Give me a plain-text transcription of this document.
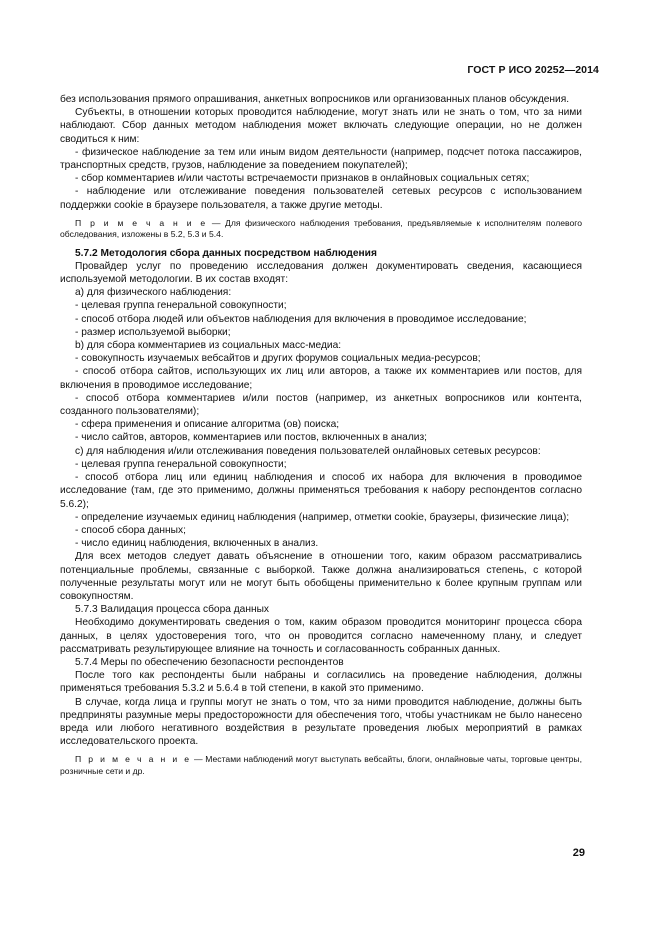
ГОСТ Р ИСО 20252—2014

без использования прямого опрашивания, анкетных вопросников или организованных планов обсуждения.

Субъекты, в отношении которых проводится наблюдение, могут знать или не знать о том, что за ними наблюдают. Сбор данных методом наблюдения может включать следующие операции, но не должен сводиться к ним:

- физическое наблюдение за тем или иным видом деятельности (например, подсчет потока пассажиров, транспортных средств, грузов, наблюдение за поведением покупателей);

- сбор комментариев и/или частоты встречаемости признаков в онлайновых социальных сетях;

- наблюдение или отслеживание поведения пользователей сетевых ресурсов с использованием поддержки cookie в браузере пользователя, а также другие методы.

П р и м е ч а н и е — Для физического наблюдения требования, предъявляемые к исполнителям полевого обследования, изложены в 5.2, 5.3 и 5.4.

5.7.2 Методология сбора данных посредством наблюдения

Провайдер услуг по проведению исследования должен документировать сведения, касающиеся используемой методологии. В их состав входят:

a) для физического наблюдения:

- целевая группа генеральной совокупности;

- способ отбора людей или объектов наблюдения для включения в проводимое исследование;

- размер используемой выборки;

b) для сбора комментариев из социальных масс-медиа:

- совокупность изучаемых вебсайтов и других форумов социальных медиа-ресурсов;

- способ отбора сайтов, использующих их лиц или авторов, а также их комментариев или постов, для включения в проводимое исследование;

- способ отбора комментариев и/или постов (например, из анкетных вопросников или контента, созданного пользователями);

- сфера применения и описание алгоритма (ов) поиска;

- число сайтов, авторов, комментариев или постов, включенных в анализ;

c) для наблюдения и/или отслеживания поведения пользователей онлайновых сетевых ресурсов:

- целевая группа генеральной совокупности;

- способ отбора лиц или единиц наблюдения и способ их набора для включения в проводимое исследование (там, где это применимо, должны применяться требования к набору респондентов согласно 5.6.2);

- определение изучаемых единиц наблюдения (например, отметки cookie, браузеры, физические лица);

- способ сбора данных;

- число единиц наблюдения, включенных в анализ.

Для всех методов следует давать объяснение в отношении того, каким образом рассматривались потенциальные проблемы, связанные с выборкой. Также должна анализироваться степень, с которой полученные результаты могут или не могут быть обобщены применительно к более крупным группам или совокупностям.

5.7.3 Валидация процесса сбора данных

Необходимо документировать сведения о том, каким образом проводится мониторинг процесса сбора данных, в целях удостоверения того, что он проводится согласно намеченному плану, и следует рассматривать результирующее влияние на точность и согласованность собранных данных.

5.7.4 Меры по обеспечению безопасности респондентов

После того как респонденты были набраны и согласились на проведение наблюдения, должны применяться требования 5.3.2 и 5.6.4 в той степени, в какой это применимо.

В случае, когда лица и группы могут не знать о том, что за ними проводится наблюдение, должны быть предприняты разумные меры предосторожности для обеспечения того, чтобы участникам не было нанесено вреда или любого негативного воздействия в результате проведения любых мероприятий в рамках исследовательского проекта.

П р и м е ч а н и е — Местами наблюдений могут выступать вебсайты, блоги, онлайновые чаты, торговые центры, розничные сети и др.

29
